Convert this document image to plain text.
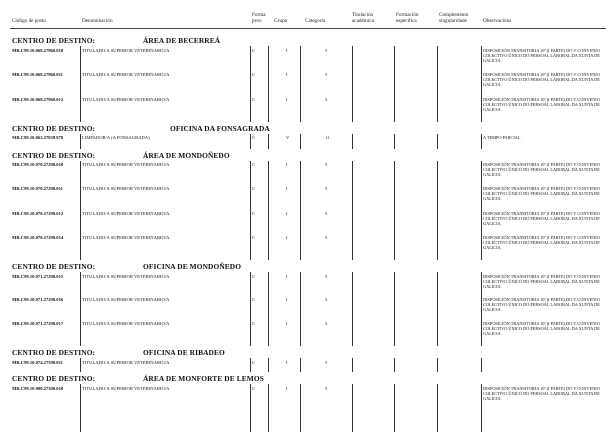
Código de posto	Denominación
Forma
prov.	Grupo	Categoría
Titulación
académica
Formación
específica
Complemento
singularidade	Observacións
CENTRO DE DESTINO:	ÁREA DE BECERREÁ
MR.C99.10.068.27960.010	TITULADO/A SUPERIOR VETERINARIO/A	C	I	5	DISPOSICIÓN TRANSITORIA 10ª (I PARTE) DO V CONVENIO COLECTIVO ÚNICO DO PERSOAL LABORAL DA XUNTA DE GALICIA.
MR.C99.10.068.27960.011	TITULADO/A SUPERIOR VETERINARIO/A	C	I	5	DISPOSICIÓN TRANSITORIA 10ª (I PARTE) DO V CONVENIO COLECTIVO ÚNICO DO PERSOAL LABORAL DA XUNTA DE GALICIA.
MR.C99.10.068.27960.012	TITULADO/A SUPERIOR VETERINARIO/A	C	I	5	DISPOSICIÓN TRANSITORIA 10ª (I PARTE) DO V CONVENIO COLECTIVO ÚNICO DO PERSOAL LABORAL DA XUNTA DE GALICIA.
CENTRO DE DESTINO:	OFICINA DA FONSAGRADA
MR.C99.10.062.27038.070	LIMPADOR/A (A FONSAGRADA)	C	V	11	A TEMPO PARCIAL
CENTRO DE DESTINO:	ÁREA DE MONDOÑEDO
MR.C99.10.070.27290.010	TITULADO/A SUPERIOR VETERINARIO/A	C	I	5	DISPOSICIÓN TRANSITORIA 10ª (I PARTE) DO V CONVENIO COLECTIVO ÚNICO DO PERSOAL LABORAL DA XUNTA DE GALICIA.
MR.C99.10.070.27290.011	TITULADO/A SUPERIOR VETERINARIO/A	C	I	5	DISPOSICIÓN TRANSITORIA 10ª (I PARTE) DO V CONVENIO COLECTIVO ÚNICO DO PERSOAL LABORAL DA XUNTA DE GALICIA.
MR.C99.10.070.27290.012	TITULADO/A SUPERIOR VETERINARIO/A	C	I	5	DISPOSICIÓN TRANSITORIA 10ª (I PARTE) DO V CONVENIO COLECTIVO ÚNICO DO PERSOAL LABORAL DA XUNTA DE GALICIA.
MR.C99.10.070.27290.014	TITULADO/A SUPERIOR VETERINARIO/A	C	I	5	DISPOSICIÓN TRANSITORIA 10ª (I PARTE) DO V CONVENIO COLECTIVO ÚNICO DO PERSOAL LABORAL DA XUNTA DE GALICIA.
CENTRO DE DESTINO:	OFICINA DE MONDOÑEDO
MR.C99.10.071.27290.015	TITULADO/A SUPERIOR VETERINARIO/A	C	I	5	DISPOSICIÓN TRANSITORIA 10ª (I PARTE) DO V CONVENIO COLECTIVO ÚNICO DO PERSOAL LABORAL DA XUNTA DE GALICIA.
MR.C99.10.071.27290.016	TITULADO/A SUPERIOR VETERINARIO/A	C	I	5	DISPOSICIÓN TRANSITORIA 10ª (I PARTE) DO V CONVENIO COLECTIVO ÚNICO DO PERSOAL LABORAL DA XUNTA DE GALICIA.
MR.C99.10.071.27290.017	TITULADO/A SUPERIOR VETERINARIO/A	C	I	5	DISPOSICIÓN TRANSITORIA 10ª (I PARTE) DO V CONVENIO COLECTIVO ÚNICO DO PERSOAL LABORAL DA XUNTA DE GALICIA.
CENTRO DE DESTINO:	OFICINA DE RIBADEO
MR.C99.10.074.27590.011	TITULADO/A SUPERIOR VETERINARIO/A	C	I	5
CENTRO DE DESTINO:	ÁREA DE MONFORTE DE LEMOS
MR.C99.10.080.27300.010	TITULADO/A SUPERIOR VETERINARIO/A	C	I	5	DISPOSICIÓN TRANSITORIA 10ª (I PARTE) DO V CONVENIO COLECTIVO ÚNICO DO PERSOAL LABORAL DA XUNTA DE GALICIA.
